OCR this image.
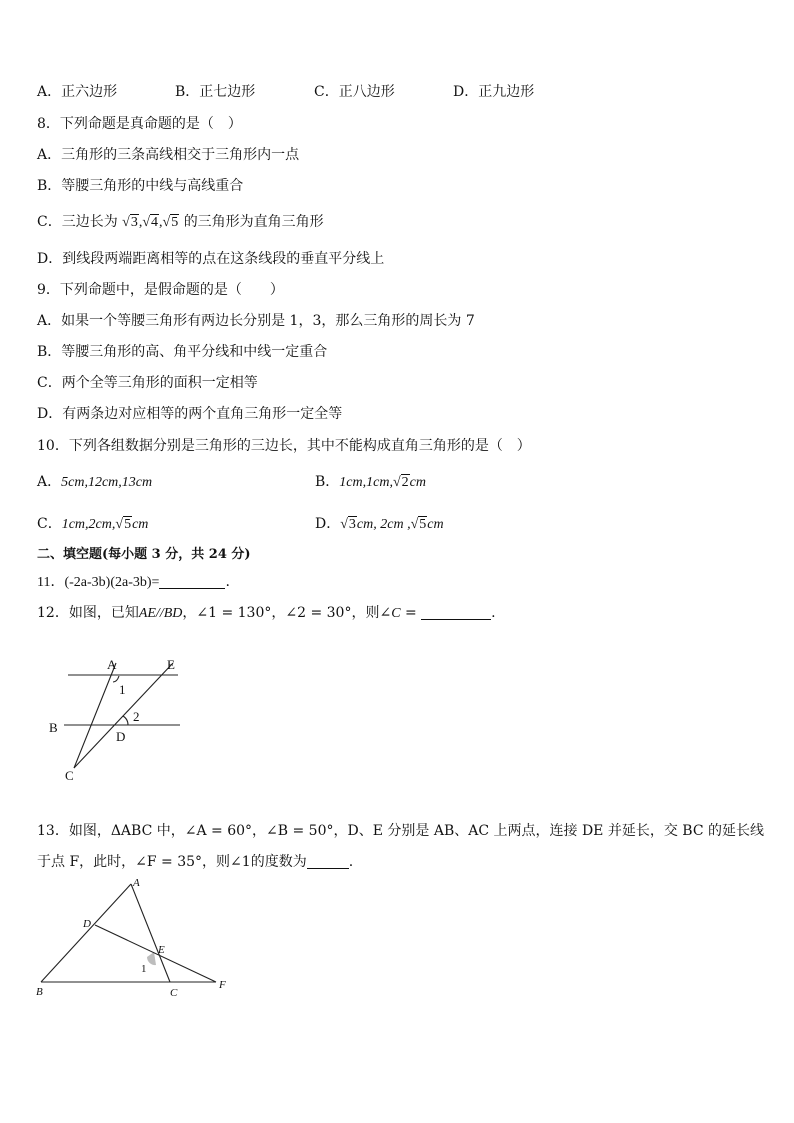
A．正六边形	B．正七边形	C．正八边形	D．正九边形
8．下列命题是真命题的是（　）
A．三角形的三条高线相交于三角形内一点
B．等腰三角形的中线与高线重合
C．三边长为 √3,√4,√5 的三角形为直角三角形
D．到线段两端距离相等的点在这条线段的垂直平分线上
9．下列命题中，是假命题的是（　　）
A．如果一个等腰三角形有两边长分别是 1，3，那么三角形的周长为 7
B．等腰三角形的高、角平分线和中线一定重合
C．两个全等三角形的面积一定相等
D．有两条边对应相等的两个直角三角形一定全等
10．下列各组数据分别是三角形的三边长，其中不能构成直角三角形的是（　）
A．5cm,12cm,13cm	B．1cm,1cm,√2cm
C．1cm,2cm,√5cm	D．√3cm, 2cm ,√5cm
二、填空题(每小题 3 分，共 24 分)
11．(-2a-3b)(2a-3b)=	.
12．如图，已知AE//BD，∠1 = 130°，∠2 = 30°，则∠C =	.
A	E
1
2
B
D
C
13．如图，ΔABC 中，∠A = 60°，∠B = 50°，D、E 分别是 AB、AC 上两点，连接 DE 并延长，交 BC 的延长线
于点 F，此时，∠F = 35°，则∠1的度数为	.
A
D
E
1
B	C
F
